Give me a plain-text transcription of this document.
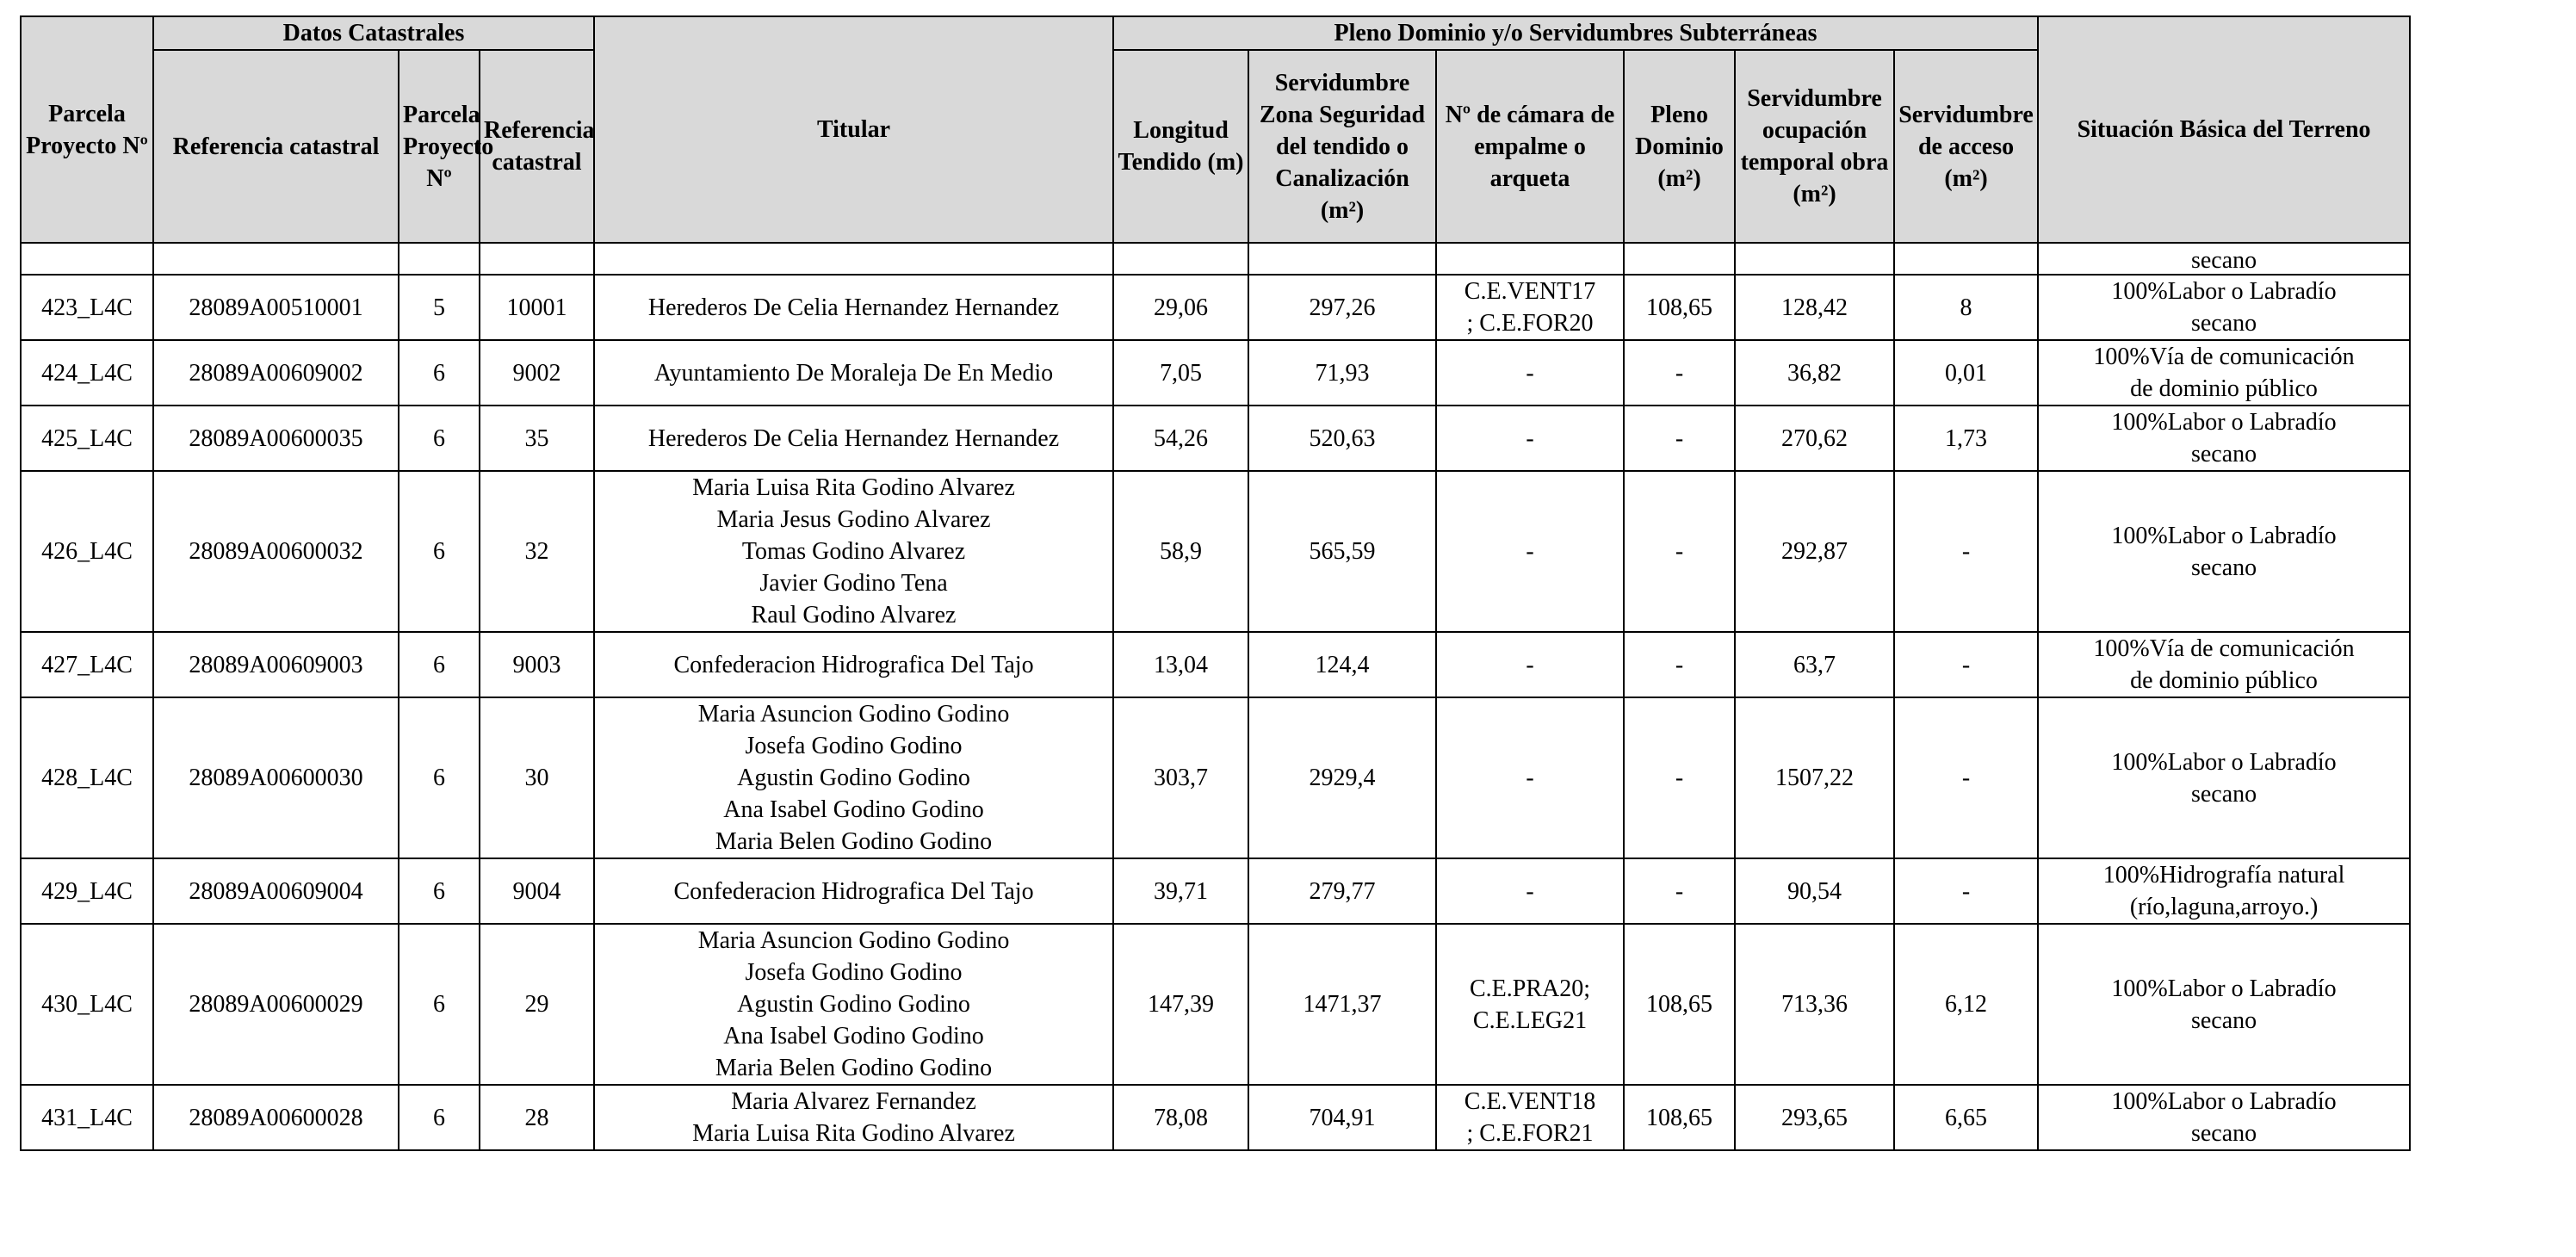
Parcela Proyecto Nº	Datos Catastrales			Titular	Pleno Dominio y/o Servidumbres Subterráneas						Situación Básica del Terreno
	Referencia catastral	Parcela Proyecto Nº	Referencia catastral		Longitud Tendido (m)	Servidumbre Zona Seguridad del tendido o Canalización (m²)	Nº de cámara de empalme o arqueta	Pleno Dominio (m²)	Servidumbre ocupación temporal obra (m²)	Servidumbre de acceso (m²)	
											secano
423_L4C	28089A00510001	5	10001	Herederos De Celia Hernandez Hernandez	29,06	297,26	C.E.VENT17
; C.E.FOR20	108,65	128,42	8	100%Labor o Labradío
secano

424_L4C	28089A00609002	6	9002	Ayuntamiento De Moraleja De En Medio	7,05	71,93	-	-	36,82	0,01	100%Vía de comunicación
de dominio público

425_L4C	28089A00600035	6	35	Herederos De Celia Hernandez Hernandez	54,26	520,63	-	-	270,62	1,73	100%Labor o Labradío
secano

426_L4C	28089A00600032	6	32	Maria Luisa Rita Godino Alvarez
Maria Jesus Godino Alvarez
Tomas Godino Alvarez
Javier Godino Tena
Raul Godino Alvarez	58,9	565,59	-	-	292,87	-	100%Labor o Labradío
secano

427_L4C	28089A00609003	6	9003	Confederacion Hidrografica Del Tajo	13,04	124,4	-	-	63,7	-	100%Vía de comunicación
de dominio público

428_L4C	28089A00600030	6	30	Maria Asuncion Godino Godino
Josefa Godino Godino
Agustin Godino Godino
Ana Isabel Godino Godino
Maria Belen Godino Godino	303,7	2929,4	-	-	1507,22	-	100%Labor o Labradío
secano

429_L4C	28089A00609004	6	9004	Confederacion Hidrografica Del Tajo	39,71	279,77	-	-	90,54	-	100%Hidrografía natural
(río,laguna,arroyo.)

430_L4C	28089A00600029	6	29	Maria Asuncion Godino Godino
Josefa Godino Godino
Agustin Godino Godino
Ana Isabel Godino Godino
Maria Belen Godino Godino	147,39	1471,37	C.E.PRA20;
C.E.LEG21	108,65	713,36	6,12	100%Labor o Labradío
secano

431_L4C	28089A00600028	6	28	Maria Alvarez Fernandez
Maria Luisa Rita Godino Alvarez	78,08	704,91	C.E.VENT18
; C.E.FOR21	108,65	293,65	6,65	100%Labor o Labradío
secano
